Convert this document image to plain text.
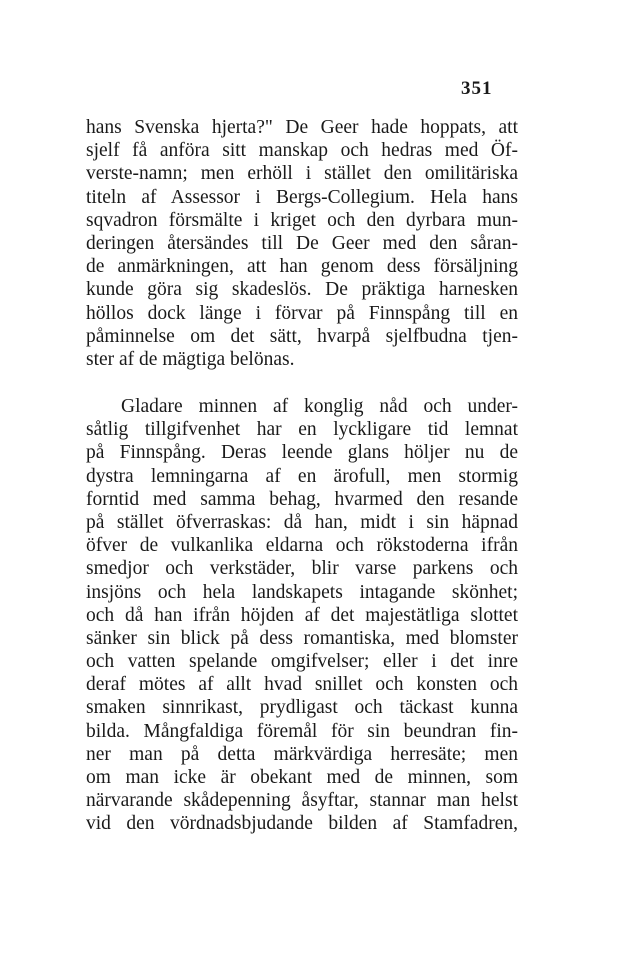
351
hans Svenska hjerta?" De Geer hade hoppats, att
sjelf få anföra sitt manskap och hedras med Öf-
verste-namn; men erhöll i stället den omilitäriska
titeln af Assessor i Bergs-Collegium. Hela hans
sqvadron försmälte i kriget och den dyrbara mun-
deringen återsändes till De Geer med den såran-
de anmärkningen, att han genom dess försäljning
kunde göra sig skadeslös. De präktiga harnesken
höllos dock länge i förvar på Finnspång till en
påminnelse om det sätt, hvarpå sjelfbudna tjen-
ster af de mägtiga belönas.
Gladare minnen af konglig nåd och under-
såtlig tillgifvenhet har en lyckligare tid lemnat
på Finnspång. Deras leende glans höljer nu de
dystra lemningarna af en ärofull, men stormig
forntid med samma behag, hvarmed den resande
på stället öfverraskas: då han, midt i sin häpnad
öfver de vulkanlika eldarna och rökstoderna ifrån
smedjor och verkstäder, blir varse parkens och
insjöns och hela landskapets intagande skönhet;
och då han ifrån höjden af det majestätliga slottet
sänker sin blick på dess romantiska, med blomster
och vatten spelande omgifvelser; eller i det inre
deraf mötes af allt hvad snillet och konsten och
smaken sinnrikast, prydligast och täckast kunna
bilda. Mångfaldiga föremål för sin beundran fin-
ner man på detta märkvärdiga herresäte; men
om man icke är obekant med de minnen, som
närvarande skådepenning åsyftar, stannar man helst
vid den vördnadsbjudande bilden af Stamfadren,
